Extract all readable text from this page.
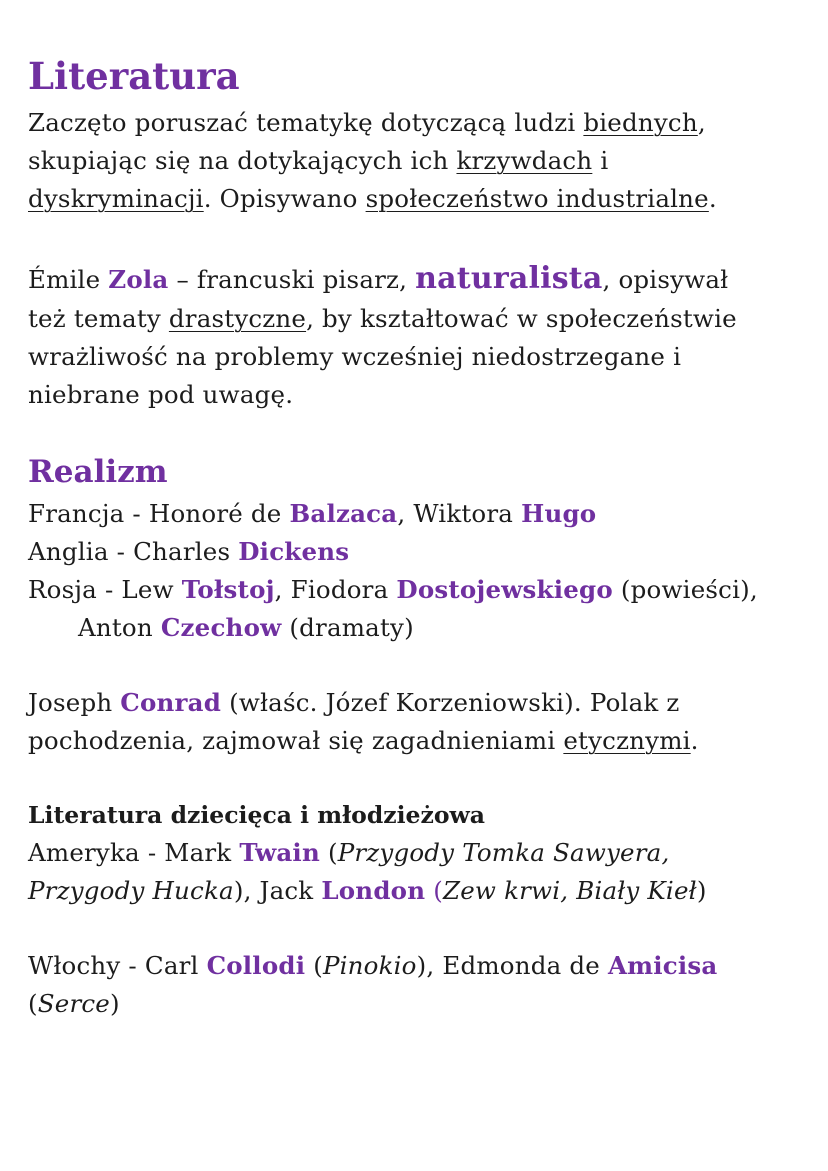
Literatura
Zaczęto poruszać tematykę dotyczącą ludzi biednych,
skupiając się na dotykających ich krzywdach i
dyskryminacji. Opisywano społeczeństwo industrialne.
Émile Zola – francuski pisarz, naturalista, opisywał
też tematy drastyczne, by kształtować w społeczeństwie
wrażliwość na problemy wcześniej niedostrzegane i
niebrane pod uwagę.
Realizm
Francja - Honoré de Balzaca, Wiktora Hugo
Anglia - Charles Dickens
Rosja - Lew Tołstoj, Fiodora Dostojewskiego (powieści),
Anton Czechow (dramaty)
Joseph Conrad (właśc. Józef Korzeniowski). Polak z
pochodzenia, zajmował się zagadnieniami etycznymi.
Literatura dziecięca i młodzieżowa
Ameryka - Mark Twain (Przygody Tomka Sawyera,
Przygody Hucka), Jack London (Zew krwi, Biały Kieł)
Włochy - Carl Collodi (Pinokio), Edmonda de Amicisa
(Serce)
